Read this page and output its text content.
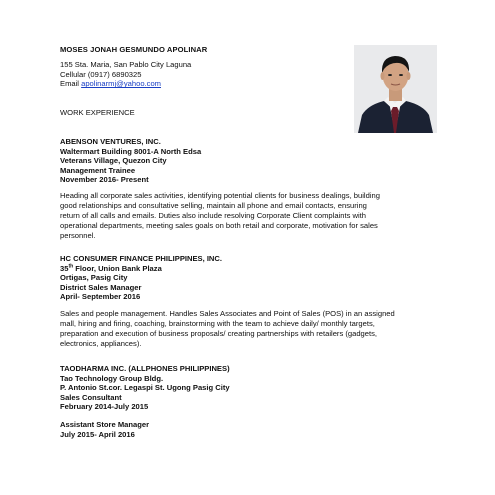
MOSES JONAH GESMUNDO APOLINAR
155 Sta. Maria, San Pablo City Laguna
Cellular (0917) 6890325
Email apolinarmj@yahoo.com
WORK EXPERIENCE
ABENSON VENTURES, INC.
Waltermart Building 8001-A North Edsa
Veterans Village, Quezon City
Management Trainee
November 2016- Present
Heading all corporate sales activities, identifying potential clients for business dealings, building
good relationships and consultative selling, maintain all phone and email contacts, ensuring
return of all calls and emails. Duties also include resolving Corporate Client complaints with
operational departments, meeting sales goals on both retail and corporate, motivation for sales
personnel.
HC CONSUMER FINANCE PHILIPPINES, INC.
35th Floor, Union Bank Plaza
Ortigas, Pasig City
District Sales Manager
April- September 2016
Sales and people management. Handles Sales Associates and Point of Sales (POS) in an assigned
mall, hiring and firing, coaching, brainstorming with the team to achieve daily/ monthly targets,
preparation and execution of business proposals/ creating partnerships with retailers (gadgets,
electronics, appliances).
TAODHARMA INC. (ALLPHONES PHILIPPINES)
Tao Technology Group Bldg.
P. Antonio St.cor. Legaspi St. Ugong Pasig City
Sales Consultant
February 2014-July 2015
Assistant Store Manager
July 2015- April 2016
